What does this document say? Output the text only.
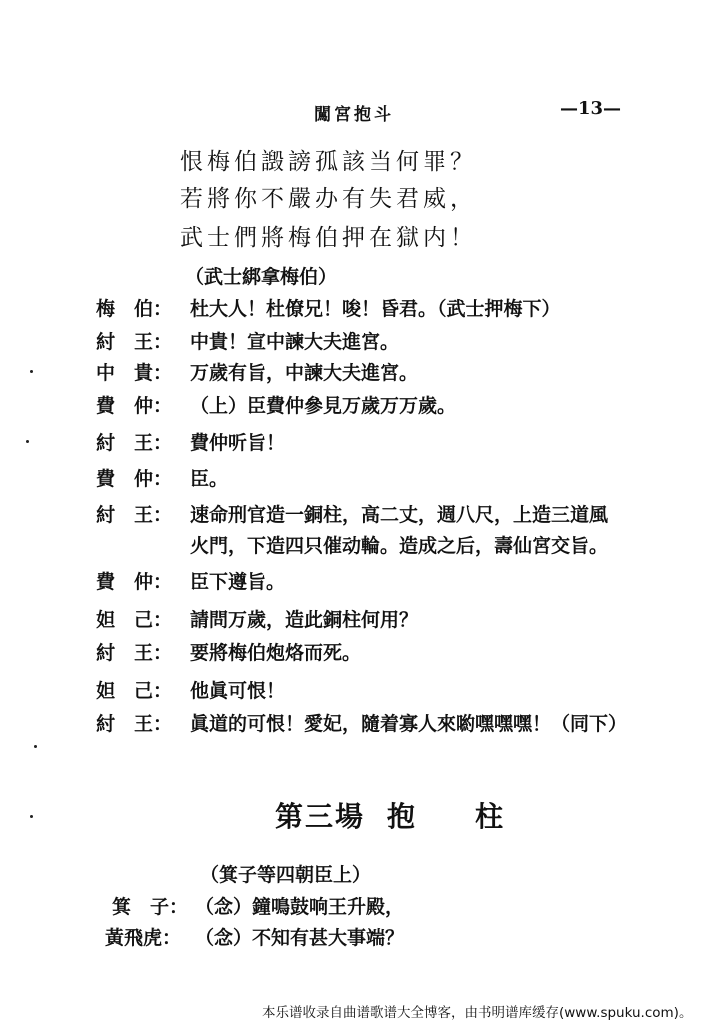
闖宮抱斗	—13—
恨梅伯譭謗孤該当何罪？
若將你不嚴办有失君威，
武士們將梅伯押在獄内！
（武士綁拿梅伯）
梅　伯： 杜大人！杜僚兄！唆！昏君。（武士押梅下）
紂　王： 中貴！宣中諫大夫進宮。
中　貴： 万歲有旨，中諫大夫進宮。
費　仲： （上）臣費仲參見万歲万万歲。
紂　王： 費仲听旨！
費　仲： 臣。
紂　王： 速命刑官造一銅柱，高二丈，週八尺，上造三道風
火門，下造四只催动輪。造成之后，壽仙宮交旨。
費　仲： 臣下遵旨。
妲　己： 請問万歲，造此銅柱何用？
紂　王： 要將梅伯炮烙而死。
妲　己： 他眞可恨！
紂　王： 眞道的可恨！愛妃，隨着寡人來喲嘿嘿嘿！（同下）
第三場 抱 柱
（箕子等四朝臣上）
箕　子： （念）鐘鳴鼓响王升殿，
黃飛虎： （念）不知有甚大事端？
本乐谱收录自曲谱歌谱大全博客，由书明谱库缓存(www.spuku.com)。
